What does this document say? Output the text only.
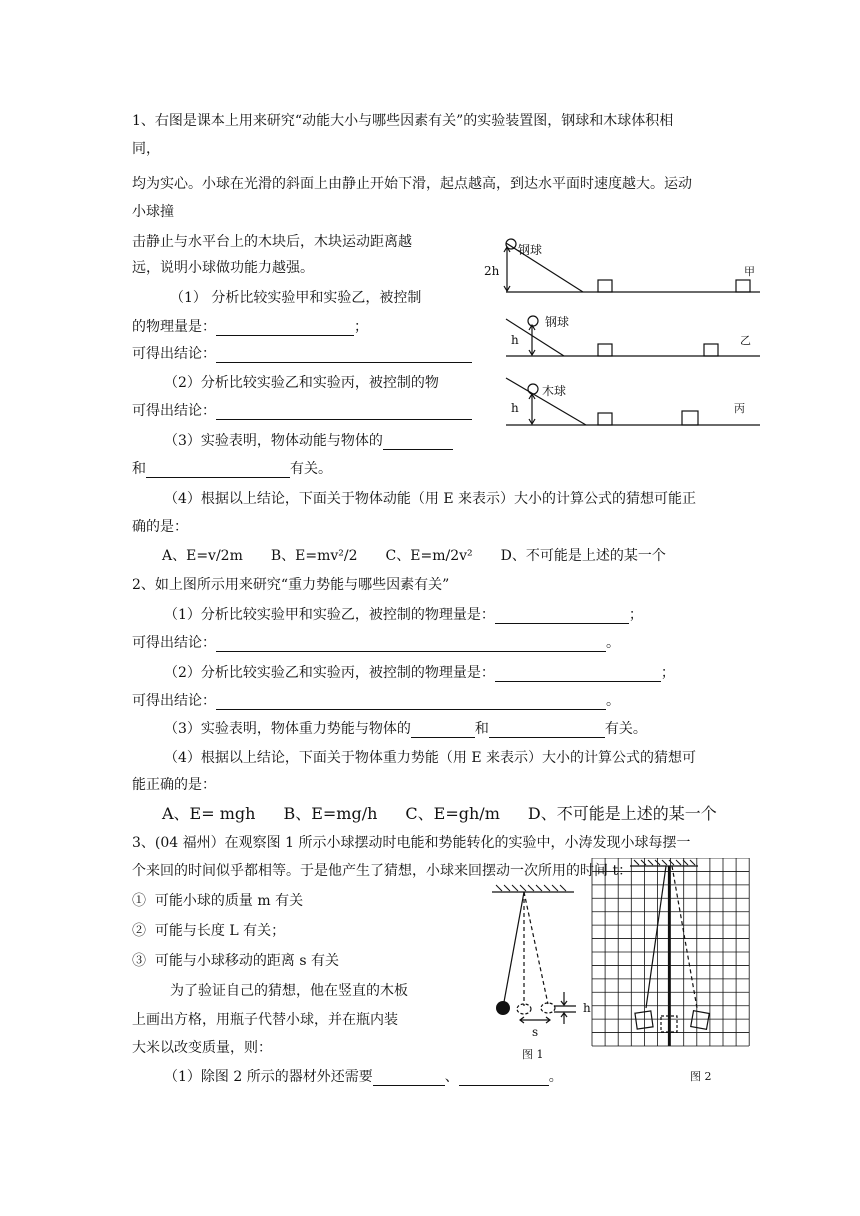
1、右图是课本上用来研究“动能大小与哪些因素有关”的实验装置图，钢球和木球体积相
同，
均为实心。小球在光滑的斜面上由静止开始下滑，起点越高，到达水平面时速度越大。运动
小球撞
击静止与水平台上的木块后，木块运动距离越
远，说明小球做功能力越强。
（1） 分析比较实验甲和实验乙，被控制
的物理量是：	；
可得出结论：
（2）分析比较实验乙和实验丙，被控制的物
可得出结论：
（3）实验表明，物体动能与物体的
和	有关。
（4）根据以上结论，下面关于物体动能（用 E 来表示）大小的计算公式的猜想可能正
确的是：
A、E=v/2m B、E=mv²/2 C、E=m/2v² D、不可能是上述的某一个
2h
钢球
甲
h
钢球
乙
h
木球
丙
2、如上图所示用来研究“重力势能与哪些因素有关”
（1）分析比较实验甲和实验乙，被控制的物理量是：	；
可得出结论：	。
（2）分析比较实验乙和实验丙，被控制的物理量是：	；
可得出结论：	。
（3）实验表明，物体重力势能与物体的	和	有关。
（4）根据以上结论，下面关于物体重力势能（用 E 来表示）大小的计算公式的猜想可
能正确的是：
A、E= mgh B、E=mg/h C、E=gh/m D、不可能是上述的某一个
3、(04 福州）在观察图 1 所示小球摆动时电能和势能转化的实验中，小涛发现小球每摆一
个来回的时间似乎都相等。于是他产生了猜想，小球来回摆动一次所用的时间 t：
① 可能小球的质量 m 有关
② 可能与长度 L 有关；
③ 可能与小球移动的距离 s 有关
为了验证自己的猜想，他在竖直的木板
上画出方格，用瓶子代替小球，并在瓶内装
大米以改变质量，则：
（1）除图 2 所示的器材外还需要	、	。
s
图 1
h
图 2
